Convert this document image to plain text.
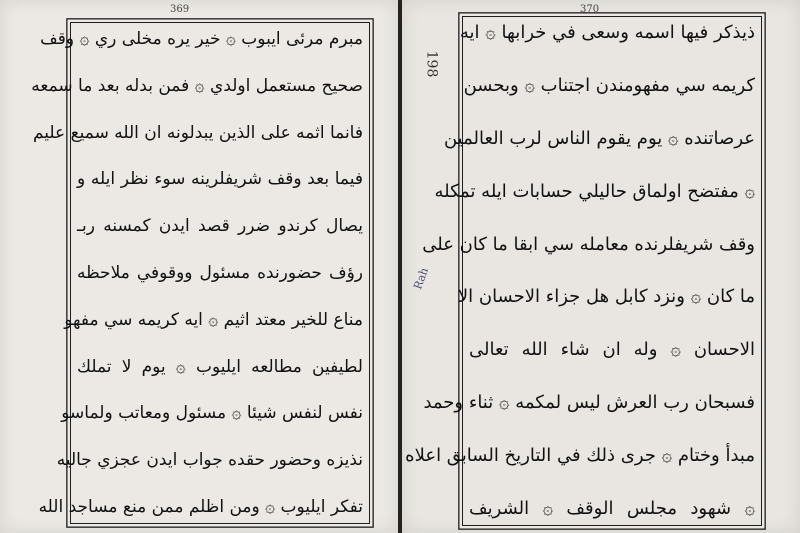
369
مبرم مرئى ايبوب ۞ خير يره مخلى ري ۞ وقف
صحيح مستعمل اولدي ۞ فمن بدله بعد ما سمعه
فانما اثمه على الذين يبدلونه ان الله سميع عليم
فيما بعد وقف شريفلرينه سوء نظر ايله و
يصال كرندو ضرر قصد ايدن كمسنه ربـ
رؤف حضورنده مسئول ووقوفي ملاحظه
مناع للخير معتد اثيم ۞ ايه كريمه سي مفهو
لطيفين مطالعه ايليوب ۞ يوم لا تملك
نفس لنفس شيئا ۞ مسئول ومعاتب ولماسو
نذيزه وحضور حقده جواب ايدن عجزي جاليه
تفكر ايليوب ۞ ومن اظلم ممن منع مساجد الله
370
198
Rah
ذيذكر فيها اسمه وسعى في خرابها ۞ ايه
كريمه سي مفهومندن اجتناب ۞ وبحسن
عرصاتنده ۞ يوم يقوم الناس لرب العالمين
۞ مفتضح اولماق حاليلي حسابات ايله تمكله
وقف شريفلرنده معامله سي ابقا ما كان على
ما كان ۞ ونزد كابل هل جزاء الاحسان الا
الاحسان ۞ وله ان شاء الله تعالى
فسبحان رب العرش ليس لمكمه ۞ ثناء وحمد
مبدأ وختام ۞ جرى ذلك في التاريخ السابق اعلاه
۞ شهود مجلس الوقف ۞ الشريف
